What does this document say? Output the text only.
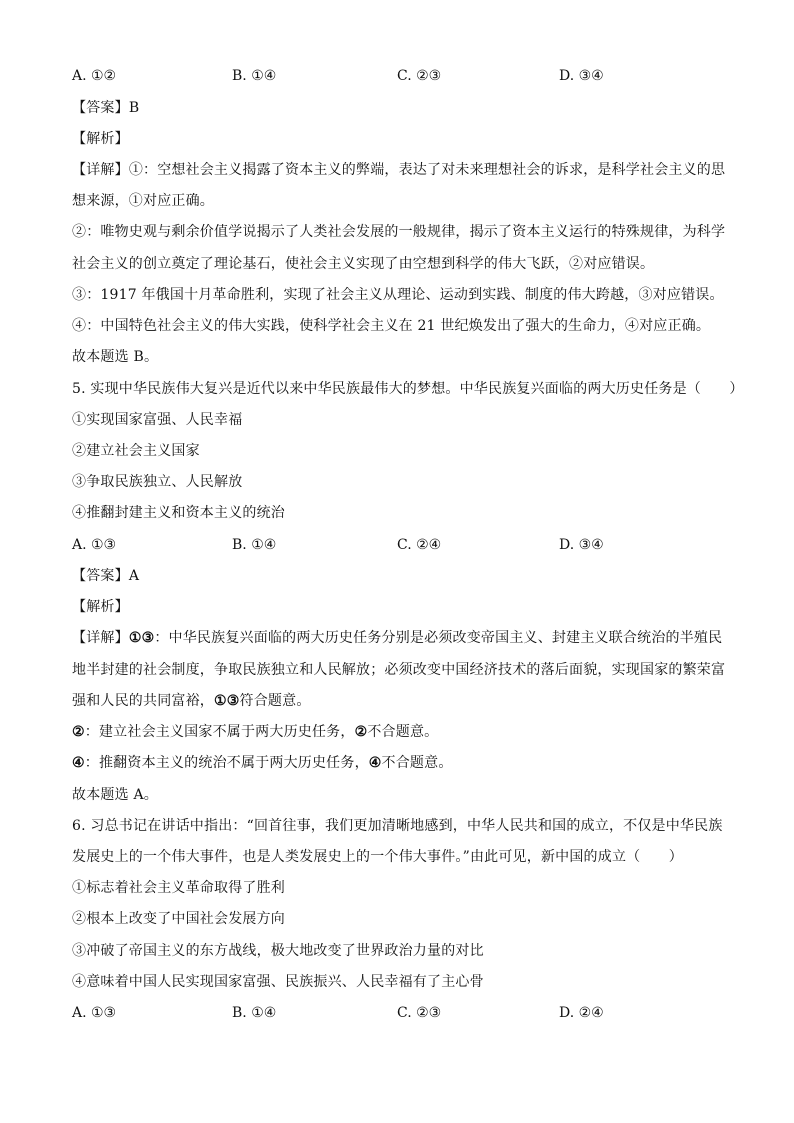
A. ①②	B. ①④	C. ②③	D. ③④
【答案】B
【解析】
【详解】①：空想社会主义揭露了资本主义的弊端，表达了对未来理想社会的诉求，是科学社会主义的思
想来源，①对应正确。
②：唯物史观与剩余价值学说揭示了人类社会发展的一般规律，揭示了资本主义运行的特殊规律，为科学
社会主义的创立奠定了理论基石，使社会主义实现了由空想到科学的伟大飞跃，②对应错误。
③：1917 年俄国十月革命胜利，实现了社会主义从理论、运动到实践、制度的伟大跨越，③对应错误。
④：中国特色社会主义的伟大实践，使科学社会主义在 21 世纪焕发出了强大的生命力，④对应正确。
故本题选 B。
5. 实现中华民族伟大复兴是近代以来中华民族最伟大的梦想。中华民族复兴面临的两大历史任务是（　　）
①实现国家富强、人民幸福
②建立社会主义国家
③争取民族独立、人民解放
④推翻封建主义和资本主义的统治
A. ①③	B. ①④	C. ②④	D. ③④
【答案】A
【解析】
【详解】①③：中华民族复兴面临的两大历史任务分别是必须改变帝国主义、封建主义联合统治的半殖民
地半封建的社会制度，争取民族独立和人民解放；必须改变中国经济技术的落后面貌，实现国家的繁荣富
强和人民的共同富裕，①③符合题意。
②：建立社会主义国家不属于两大历史任务，②不合题意。
④：推翻资本主义的统治不属于两大历史任务，④不合题意。
故本题选 A。
6. 习总书记在讲话中指出：“回首往事，我们更加清晰地感到，中华人民共和国的成立，不仅是中华民族
发展史上的一个伟大事件，也是人类发展史上的一个伟大事件。”由此可见，新中国的成立（　　）
①标志着社会主义革命取得了胜利
②根本上改变了中国社会发展方向
③冲破了帝国主义的东方战线，极大地改变了世界政治力量的对比
④意味着中国人民实现国家富强、民族振兴、人民幸福有了主心骨
A. ①③	B. ①④	C. ②③	D. ②④
